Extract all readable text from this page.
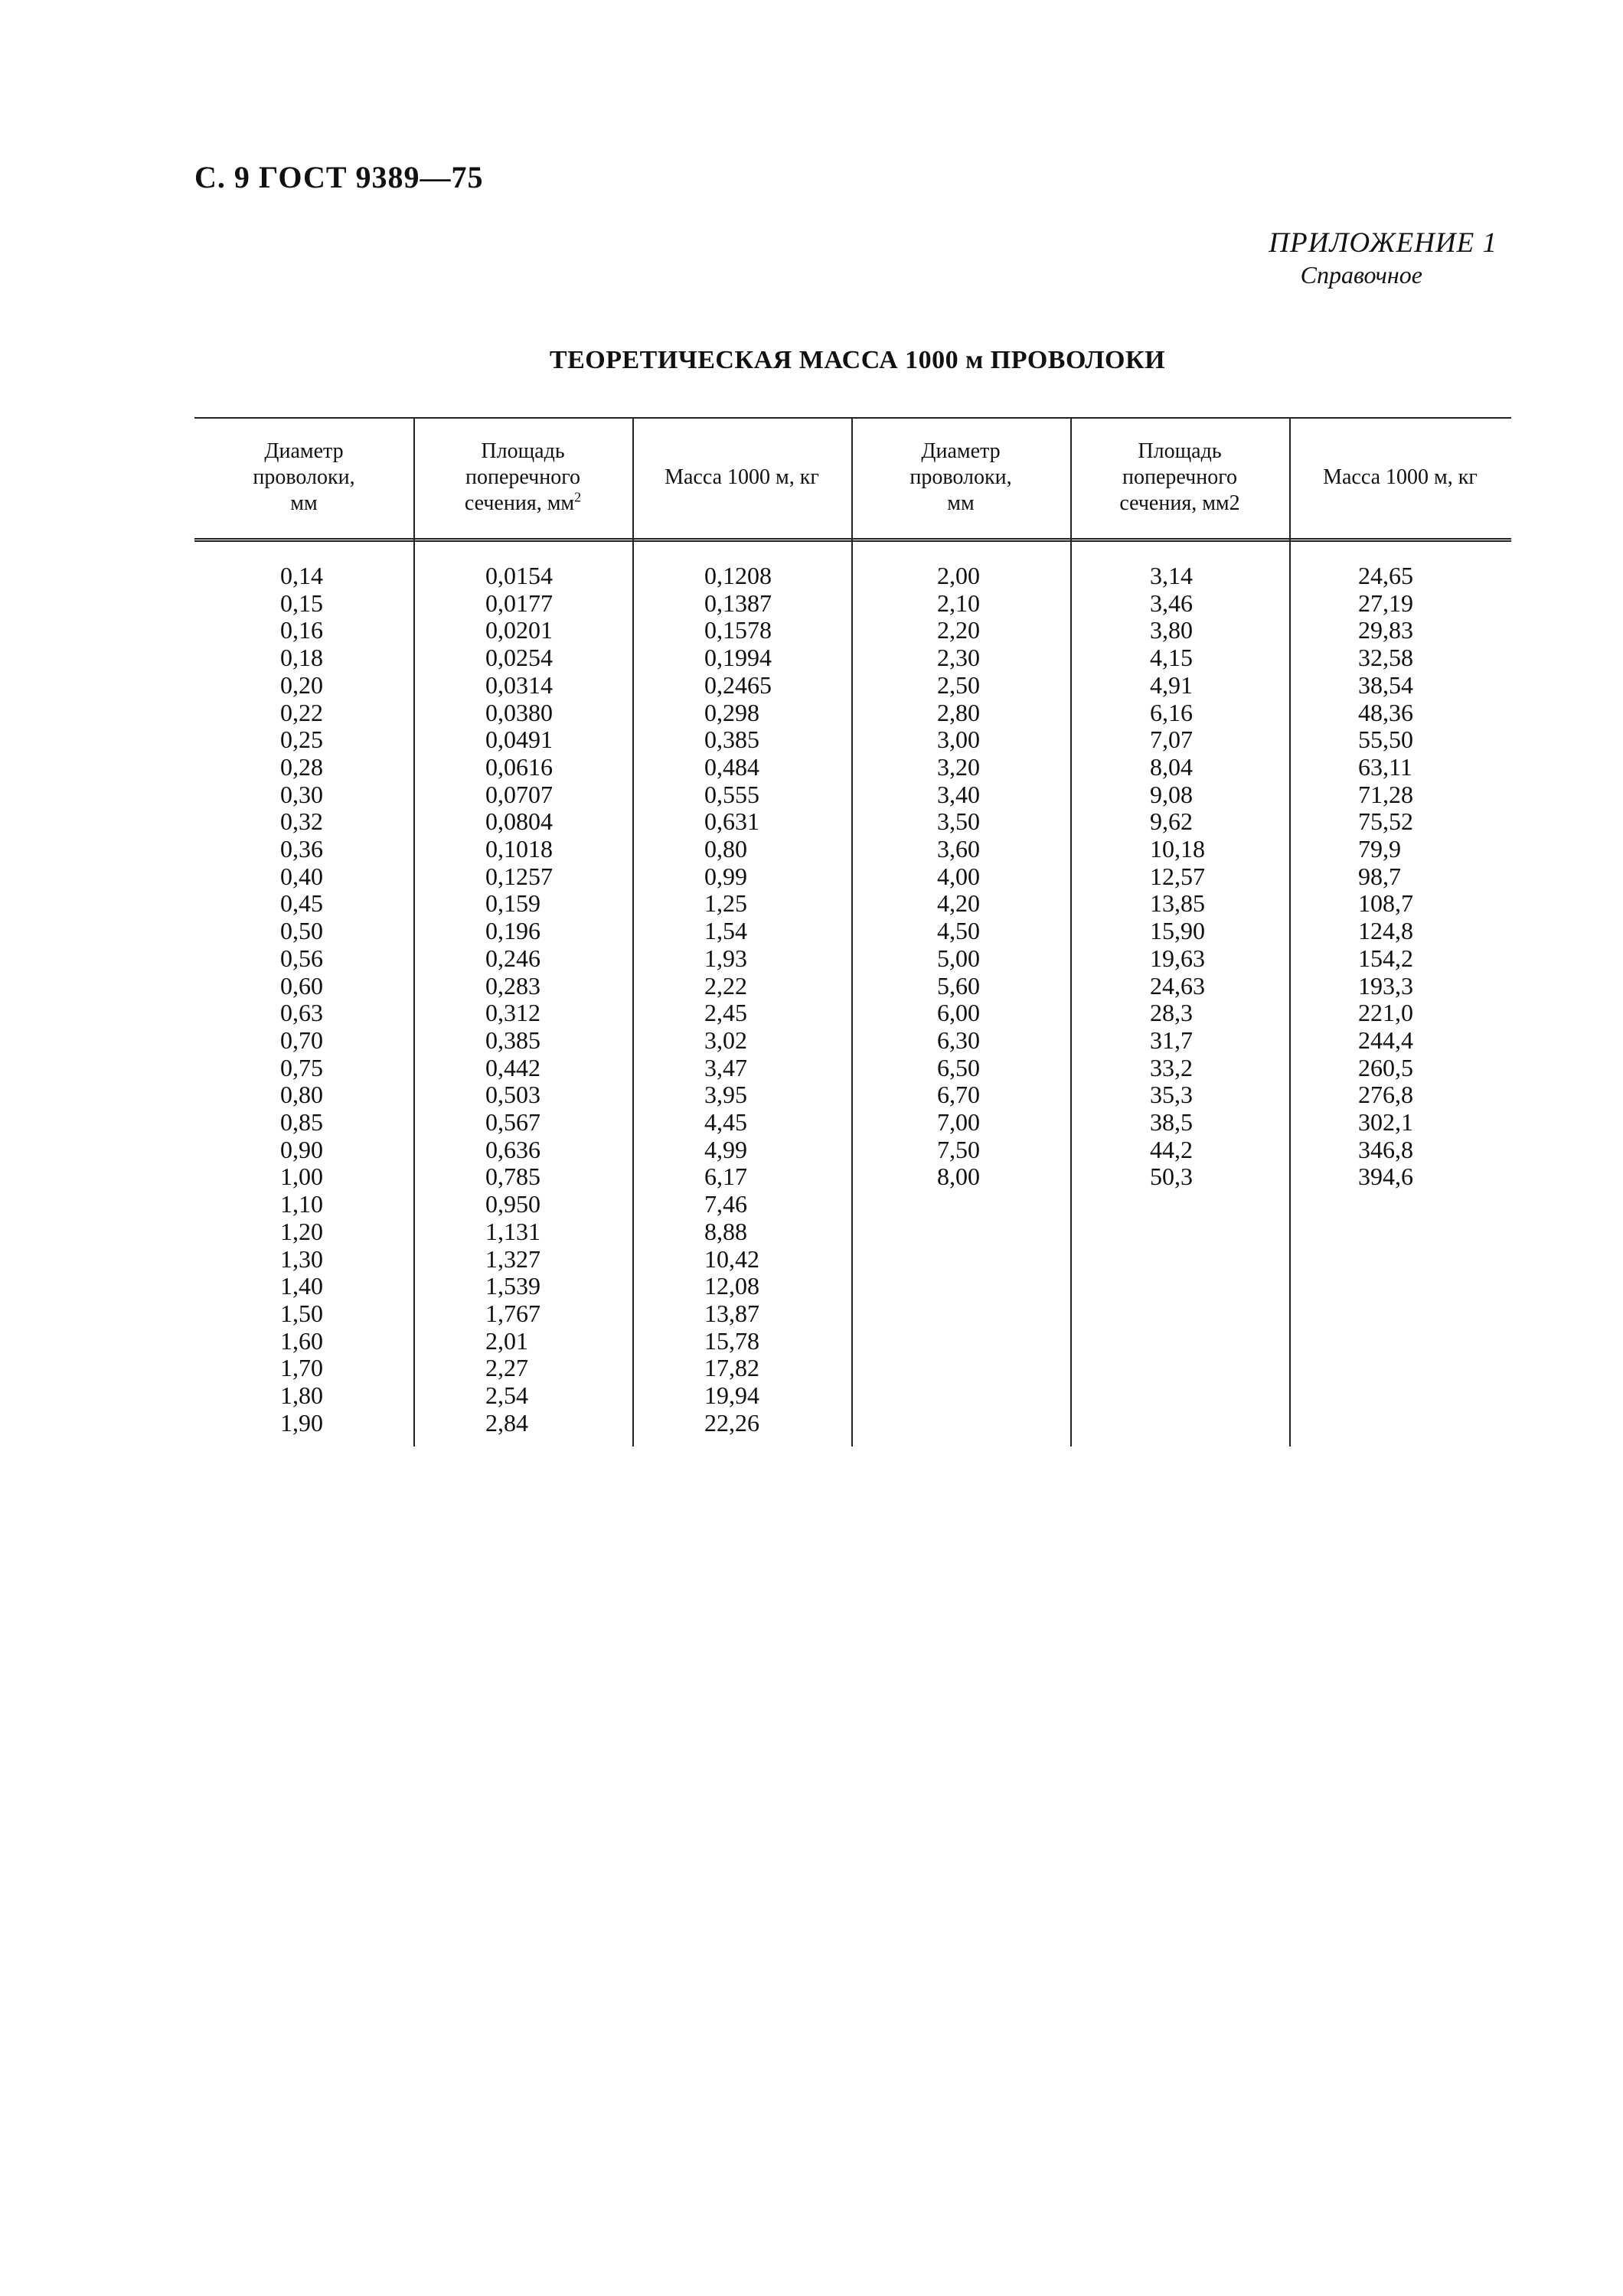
С. 9 ГОСТ 9389—75
ПРИЛОЖЕНИЕ 1
Справочное
ТЕОРЕТИЧЕСКАЯ МАССА 1000 м ПРОВОЛОКИ
Диаметр проволоки, мм
Площадь поперечного сечения, $мм^2$
Масса 1000 м, кг
Диаметр проволоки, мм
Площадь поперечного сечения, мм2
Масса 1000 м, кг
0,14
0,15
0,16
0,18
0,20
0,22
0,25
0,28
0,30
0,32
0,36
0,40
0,45
0,50
0,56
0,60
0,63
0,70
0,75
0,80
0,85
0,90
1,00
1,10
1,20
1,30
1,40
1,50
1,60
1,70
1,80
1,90
0,0154
0,0177
0,0201
0,0254
0,0314
0,0380
0,0491
0,0616
0,0707
0,0804
0,1018
0,1257
0,159
0,196
0,246
0,283
0,312
0,385
0,442
0,503
0,567
0,636
0,785
0,950
1,131
1,327
1,539
1,767
2,01
2,27
2,54
2,84
0,1208
0,1387
0,1578
0,1994
0,2465
0,298
0,385
0,484
0,555
0,631
0,80
0,99
1,25
1,54
1,93
2,22
2,45
3,02
3,47
3,95
4,45
4,99
6,17
7,46
8,88
10,42
12,08
13,87
15,78
17,82
19,94
22,26
2,00
2,10
2,20
2,30
2,50
2,80
3,00
3,20
3,40
3,50
3,60
4,00
4,20
4,50
5,00
5,60
6,00
6,30
6,50
6,70
7,00
7,50
8,00
3,14
3,46
3,80
4,15
4,91
6,16
7,07
8,04
9,08
9,62
10,18
12,57
13,85
15,90
19,63
24,63
28,3
31,7
33,2
35,3
38,5
44,2
50,3
24,65
27,19
29,83
32,58
38,54
48,36
55,50
63,11
71,28
75,52
79,9
98,7
108,7
124,8
154,2
193,3
221,0
244,4
260,5
276,8
302,1
346,8
394,6
